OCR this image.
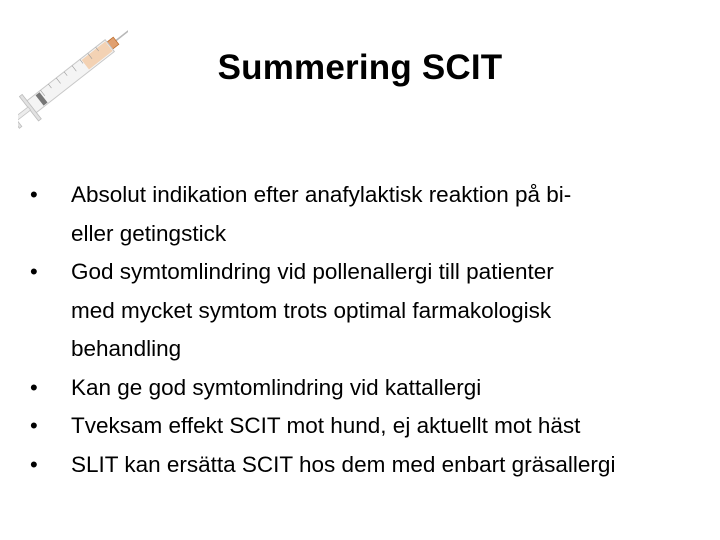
Summering SCIT
•	Absolut indikation efter anafylaktisk reaktion på bi-
eller getingstick
•	God symtomlindring vid pollenallergi till patienter
med mycket symtom trots optimal farmakologisk
behandling
•	Kan ge god symtomlindring vid kattallergi
•	Tveksam effekt SCIT mot hund, ej aktuellt mot häst
•	SLIT kan ersätta SCIT hos dem med enbart gräsallergi
